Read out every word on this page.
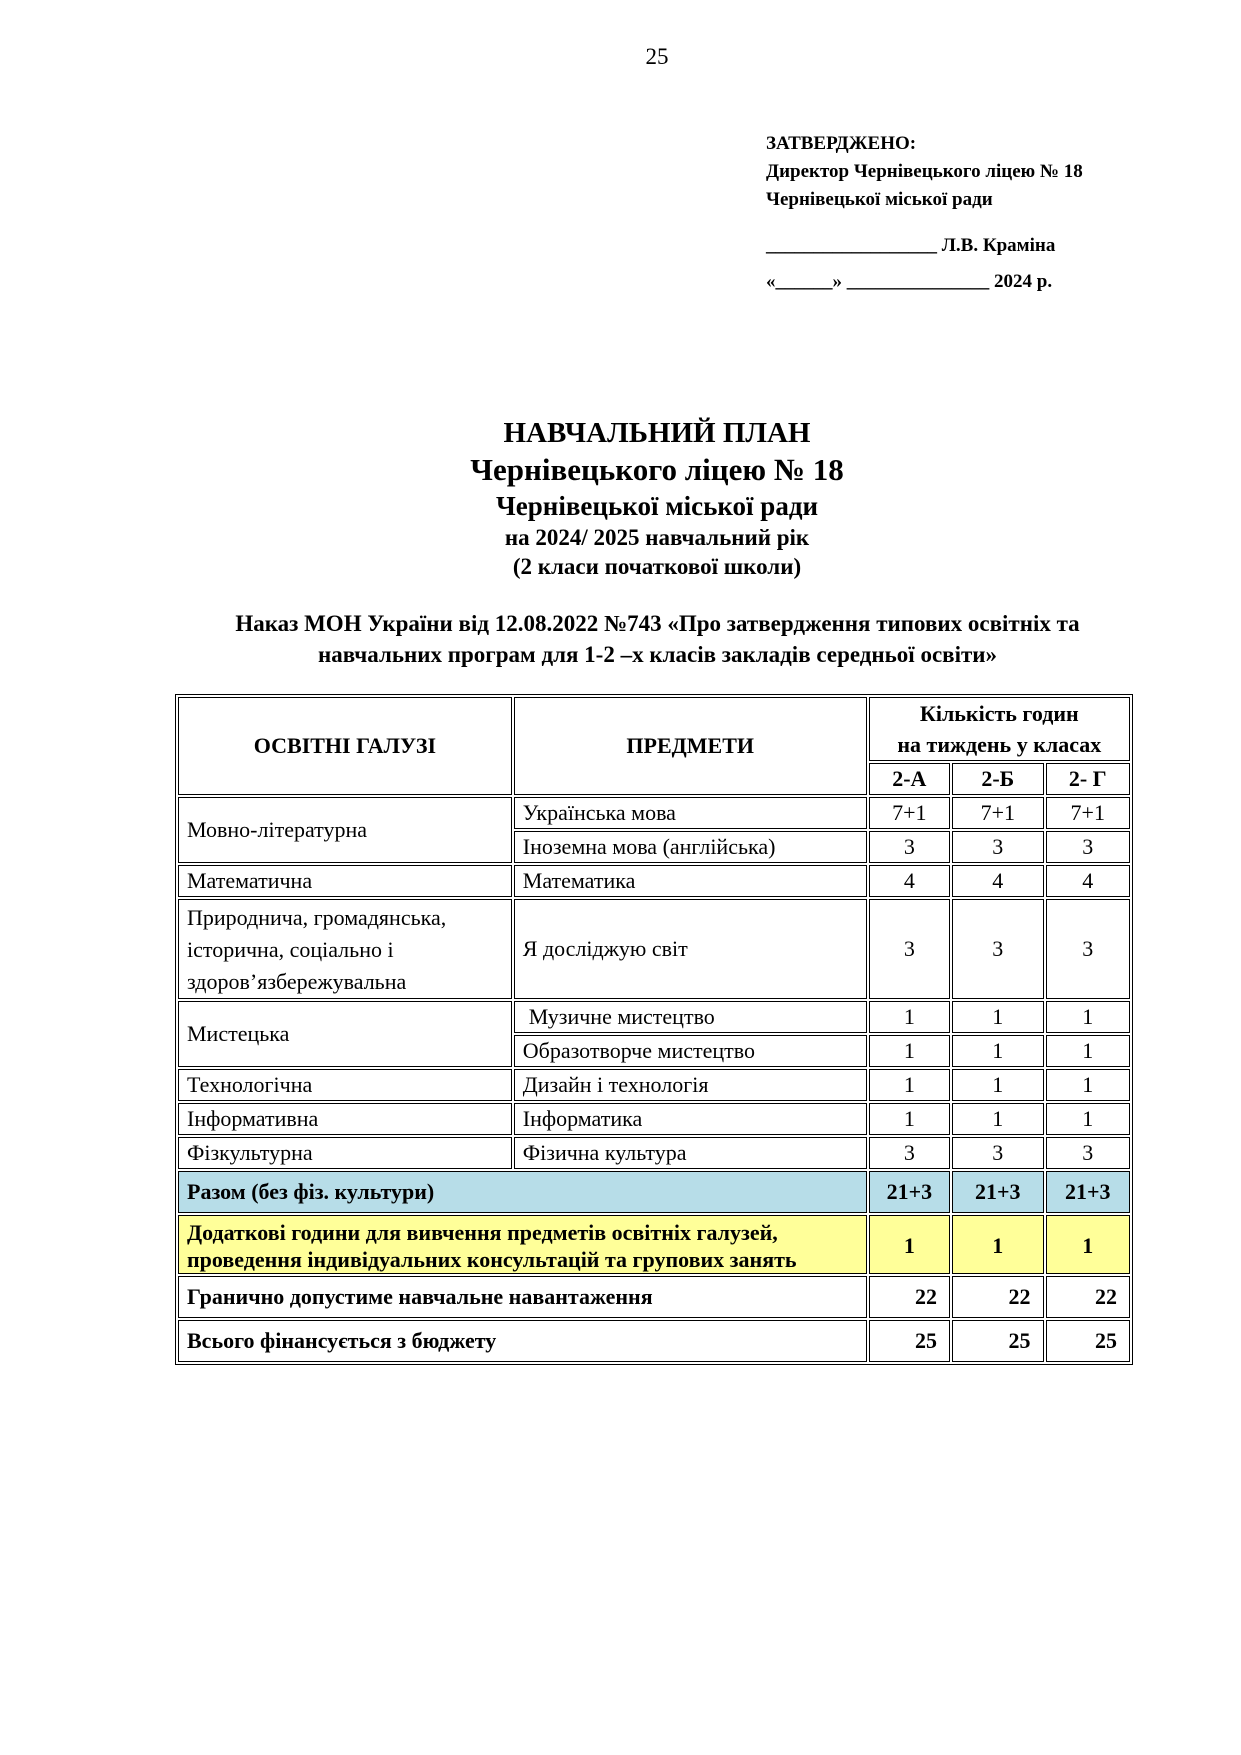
25
ЗАТВЕРДЖЕНО:
Директор Чернівецького ліцею № 18
Чернівецької міської ради
__________________ Л.В. Краміна
«______» _______________ 2024 р.
НАВЧАЛЬНИЙ ПЛАН
Чернівецького ліцею № 18
Чернівецької міської ради
на 2024/ 2025 навчальний рік
(2 класи початкової школи)
Наказ МОН України від 12.08.2022 №743 «Про затвердження типових освітніх та
навчальних програм для 1-2 –х класів закладів середньої освіти»
ОСВІТНІ ГАЛУЗІ	ПРЕДМЕТИ	Кількість годин
на тиждень у класах		

		2-А	2-Б	2- Г
Мовно-літературна	Українська мова	7+1	7+1	7+1
	Іноземна мова (англійська)	3	3	3
Математична	Математика	4	4	4

Природнича, громадянська,
історична, соціально і
здоров’язбережувальна	Я досліджую світ	3	3	3
Мистецька	Музичне мистецтво	1	1	1
	Образотворче мистецтво	1	1	1
Технологічна	Дизайн і технологія	1	1	1
Інформативна	Інформатика	1	1	1
Фізкультурна	Фізична культура	3	3	3
Разом (без фіз. культури)		21+3	21+3	21+3

Додаткові години для вивчення предметів освітніх галузей,
проведення індивідуальних консультацій та групових занять		1	1	1
Гранично допустиме навчальне навантаження		22	22	22
Всього фінансується з бюджету		25	25	25
